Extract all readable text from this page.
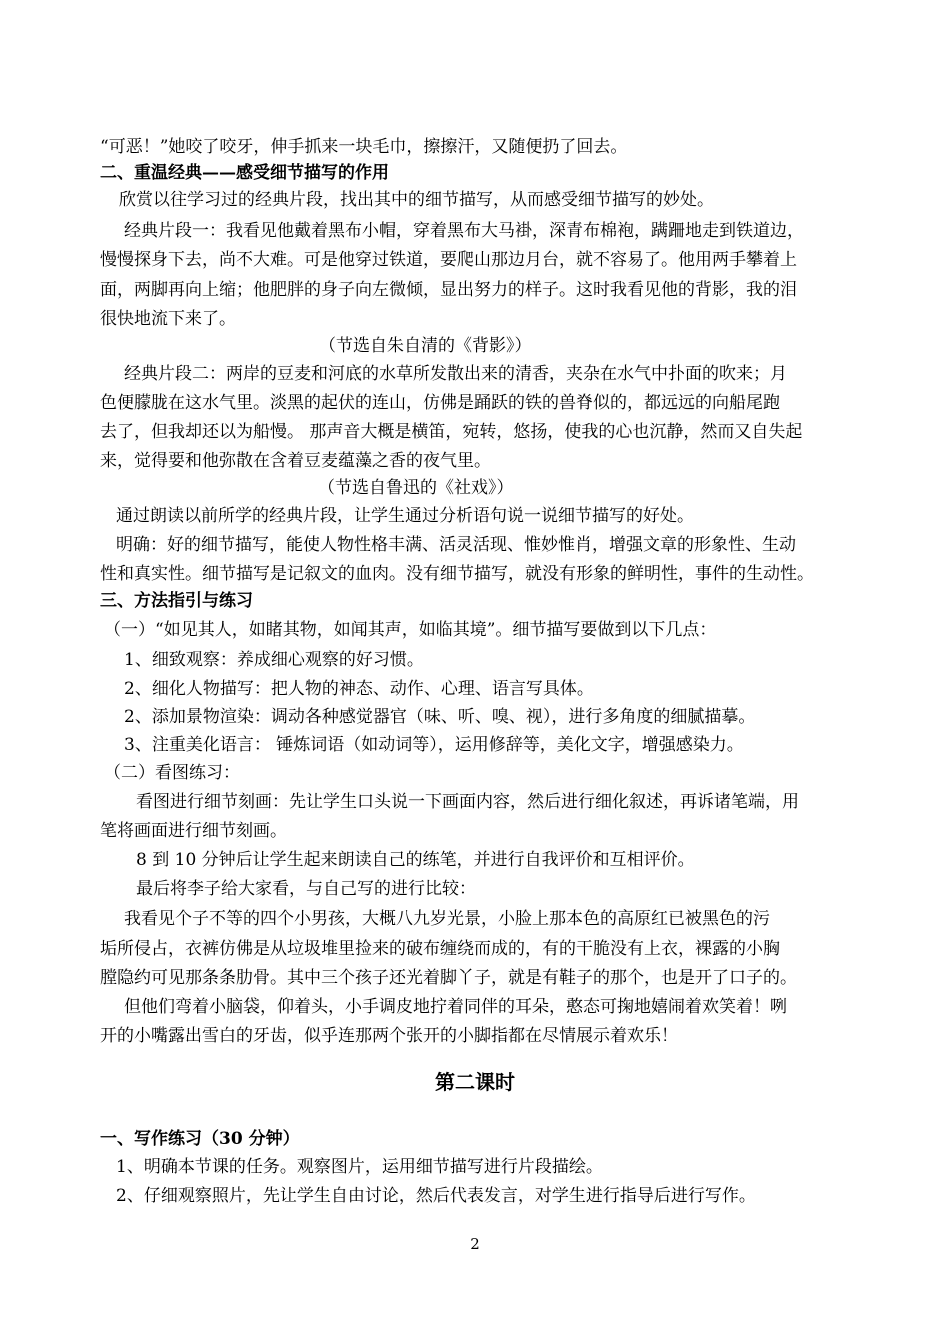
“可恶！”她咬了咬牙，伸手抓来一块毛巾，擦擦汗，又随便扔了回去。
二、重温经典——感受细节描写的作用
欣赏以往学习过的经典片段，找出其中的细节描写，从而感受细节描写的妙处。
经典片段一：我看见他戴着黑布小帽，穿着黑布大马褂，深青布棉袍，蹒跚地走到铁道边，
慢慢探身下去，尚不大难。可是他穿过铁道，要爬山那边月台，就不容易了。他用两手攀着上
面，两脚再向上缩；他肥胖的身子向左微倾，显出努力的样子。这时我看见他的背影，我的泪
很快地流下来了。
（节选自朱自清的《背影》）
经典片段二：两岸的豆麦和河底的水草所发散出来的清香，夹杂在水气中扑面的吹来；月
色便朦胧在这水气里。淡黑的起伏的连山，仿佛是踊跃的铁的兽脊似的，都远远的向船尾跑
去了，但我却还以为船慢。 那声音大概是横笛，宛转，悠扬，使我的心也沉静，然而又自失起
来，觉得要和他弥散在含着豆麦蕴藻之香的夜气里。
（节选自鲁迅的《社戏》）
通过朗读以前所学的经典片段，让学生通过分析语句说一说细节描写的好处。
明确：好的细节描写，能使人物性格丰满、活灵活现、惟妙惟肖，增强文章的形象性、生动
性和真实性。细节描写是记叙文的血肉。没有细节描写，就没有形象的鲜明性，事件的生动性。
三、方法指引与练习
（一）“如见其人，如睹其物，如闻其声，如临其境”。细节描写要做到以下几点：
1、细致观察：养成细心观察的好习惯。
2、细化人物描写：把人物的神态、动作、心理、语言写具体。
2、添加景物渲染：调动各种感觉器官（味、听、嗅、视），进行多角度的细腻描摹。
3、注重美化语言： 锤炼词语（如动词等），运用修辞等，美化文字，增强感染力。
（二）看图练习：
看图进行细节刻画：先让学生口头说一下画面内容，然后进行细化叙述，再诉诸笔端，用
笔将画面进行细节刻画。
8 到 10 分钟后让学生起来朗读自己的练笔，并进行自我评价和互相评价。
最后将李子给大家看，与自己写的进行比较：
我看见个子不等的四个小男孩，大概八九岁光景，小脸上那本色的高原红已被黑色的污
垢所侵占，衣裤仿佛是从垃圾堆里捡来的破布缠绕而成的，有的干脆没有上衣，裸露的小胸
膛隐约可见那条条肋骨。其中三个孩子还光着脚丫子，就是有鞋子的那个，也是开了口子的。
但他们弯着小脑袋，仰着头，小手调皮地拧着同伴的耳朵，憨态可掬地嬉闹着欢笑着！咧
开的小嘴露出雪白的牙齿，似乎连那两个张开的小脚指都在尽情展示着欢乐！
第二课时
一、写作练习（30 分钟）
1、明确本节课的任务。观察图片，运用细节描写进行片段描绘。
2、仔细观察照片，先让学生自由讨论，然后代表发言，对学生进行指导后进行写作。
2
